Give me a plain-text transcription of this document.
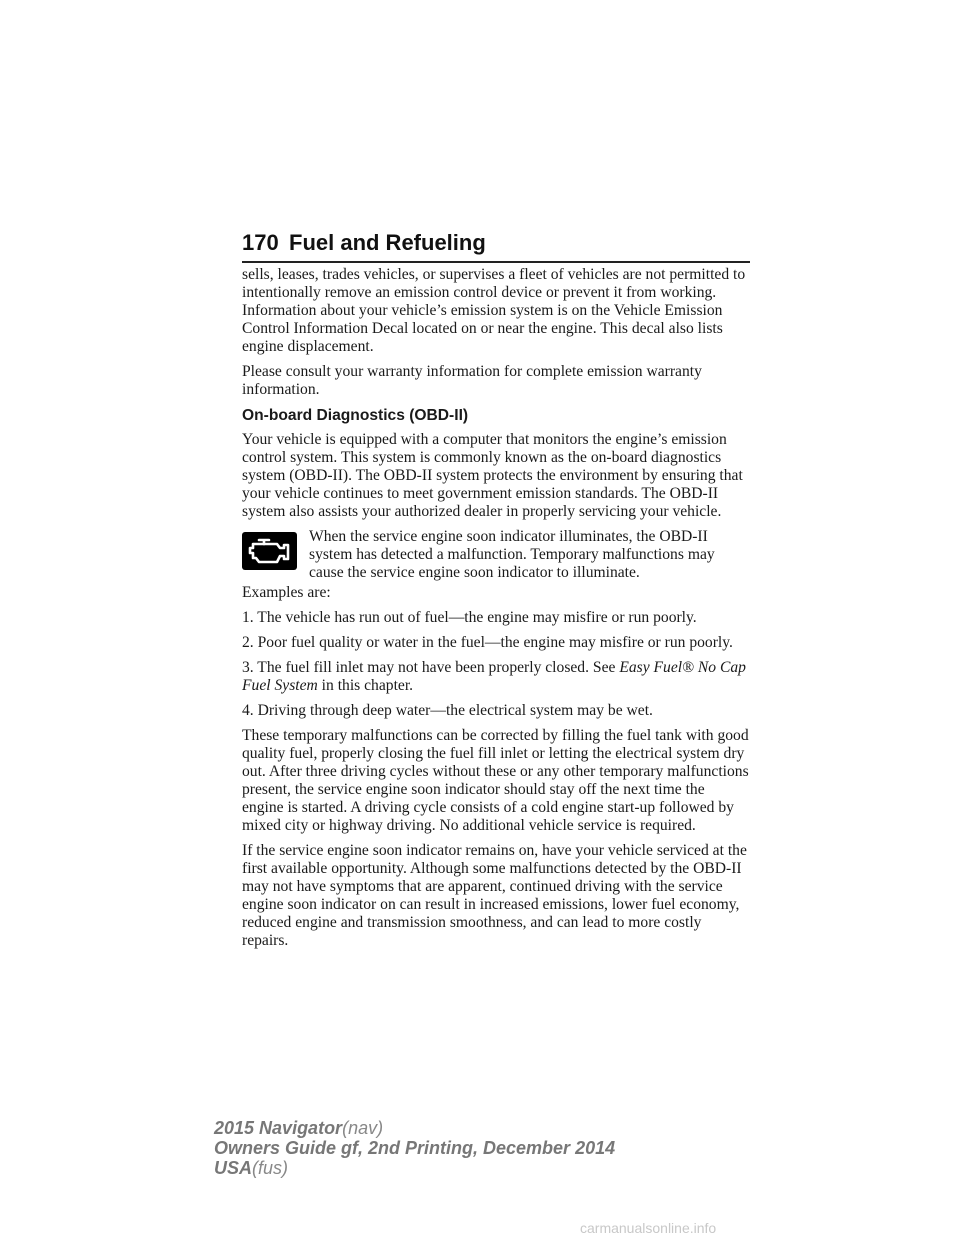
170 Fuel and Refueling

sells, leases, trades vehicles, or supervises a fleet of vehicles are not permitted to intentionally remove an emission control device or prevent it from working. Information about your vehicle’s emission system is on the Vehicle Emission Control Information Decal located on or near the engine. This decal also lists engine displacement.

Please consult your warranty information for complete emission warranty information.

On-board Diagnostics (OBD-II)

Your vehicle is equipped with a computer that monitors the engine’s emission control system. This system is commonly known as the on-board diagnostics system (OBD-II). The OBD-II system protects the environment by ensuring that your vehicle continues to meet government emission standards. The OBD-II system also assists your authorized dealer in properly servicing your vehicle.

When the service engine soon indicator illuminates, the OBD-II system has detected a malfunction. Temporary malfunctions may cause the service engine soon indicator to illuminate.

Examples are:

1. The vehicle has run out of fuel—the engine may misfire or run poorly.

2. Poor fuel quality or water in the fuel—the engine may misfire or run poorly.

3. The fuel fill inlet may not have been properly closed. See Easy Fuel® No Cap Fuel System in this chapter.

4. Driving through deep water—the electrical system may be wet.

These temporary malfunctions can be corrected by filling the fuel tank with good quality fuel, properly closing the fuel fill inlet or letting the electrical system dry out. After three driving cycles without these or any other temporary malfunctions present, the service engine soon indicator should stay off the next time the engine is started. A driving cycle consists of a cold engine start-up followed by mixed city or highway driving. No additional vehicle service is required.

If the service engine soon indicator remains on, have your vehicle serviced at the first available opportunity. Although some malfunctions detected by the OBD-II may not have symptoms that are apparent, continued driving with the service engine soon indicator on can result in increased emissions, lower fuel economy, reduced engine and transmission smoothness, and can lead to more costly repairs.

2015 Navigator(nav)
Owners Guide gf, 2nd Printing, December 2014
USA(fus)
carmanualsonline.info
